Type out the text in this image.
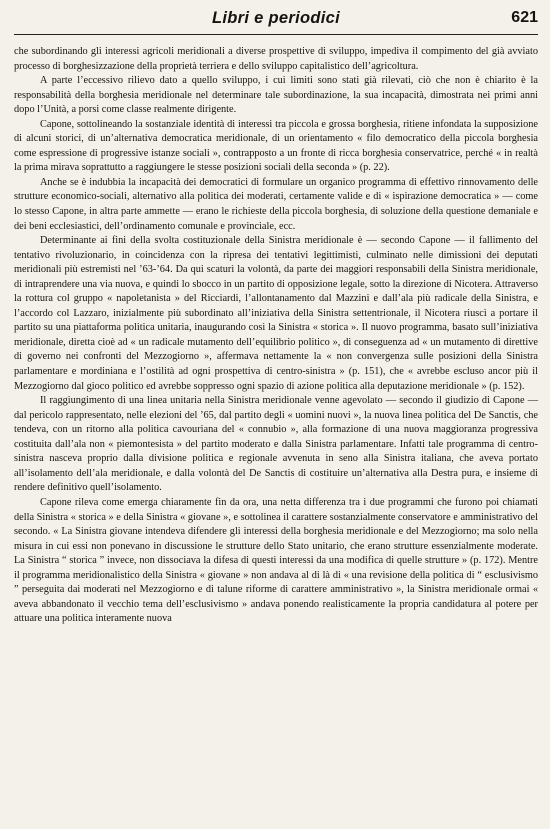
Libri e periodici	621

che subordinando gli interessi agricoli meridionali a diverse prospettive di sviluppo, impediva il compimento del già avviato processo di borghesizzazione della proprietà terriera e dello sviluppo capitalistico dell’agricoltura.

A parte l’eccessivo rilievo dato a quello sviluppo, i cui limiti sono stati già rilevati, ciò che non è chiarito è la responsabilità della borghesia meridionale nel determinare tale subordinazione, la sua incapacità, dimostrata nei primi anni dopo l’Unità, a porsi come classe realmente dirigente.

Capone, sottolineando la sostanziale identità di interessi tra piccola e grossa borghesia, ritiene infondata la supposizione di alcuni storici, di un’alternativa democratica meridionale, di un orientamento « filo democratico della piccola borghesia come espressione di progressive istanze sociali », contrapposto a un fronte di ricca borghesia conservatrice, perché « in realtà la prima mirava soprattutto a raggiungere le stesse posizioni sociali della seconda » (p. 22).

Anche se è indubbia la incapacità dei democratici di formulare un organico programma di effettivo rinnovamento delle strutture economico-sociali, alternativo alla politica dei moderati, certamente valide e di « ispirazione democratica » — come lo stesso Capone, in altra parte ammette — erano le richieste della piccola borghesia, di soluzione della questione demaniale e dei beni ecclesiastici, dell’ordinamento comunale e provinciale, ecc.

Determinante ai fini della svolta costituzionale della Sinistra meridionale è — secondo Capone — il fallimento del tentativo rivoluzionario, in coincidenza con la ripresa dei tentativi legittimisti, culminato nelle dimissioni dei deputati meridionali più estremisti nel ’63-’64. Da qui scaturì la volontà, da parte dei maggiori responsabili della Sinistra meridionale, di intraprendere una via nuova, e quindi lo sbocco in un partito di opposizione legale, sotto la direzione di Nicotera. Attraverso la rottura col gruppo « napoletanista » del Ricciardi, l’allontanamento dal Mazzini e dall’ala più radicale della Sinistra, e l’accordo col Lazzaro, inizialmente più subordinato all’iniziativa della Sinistra settentrionale, il Nicotera riuscì a portare il partito su una piattaforma politica unitaria, inaugurando così la Sinistra « storica ». Il nuovo programma, basato sull’iniziativa meridionale, diretta cioè ad « un radicale mutamento dell’equilibrio politico », di conseguenza ad « un mutamento di direttive di governo nei confronti del Mezzogiorno », affermava nettamente la « non convergenza sulle posizioni della Sinistra parlamentare e mordiniana e l’ostilità ad ogni prospettiva di centro-sinistra » (p. 151), che « avrebbe escluso ancor più il Mezzogiorno dal gioco politico ed avrebbe soppresso ogni spazio di azione politica alla deputazione meridionale » (p. 152).

Il raggiungimento di una linea unitaria nella Sinistra meridionale venne agevolato — secondo il giudizio di Capone — dal pericolo rappresentato, nelle elezioni del ’65, dal partito degli « uomini nuovi », la nuova linea politica del De Sanctis, che tendeva, con un ritorno alla politica cavouriana del « connubio », alla formazione di una nuova maggioranza progressiva costituita dall’ala non « piemontesista » del partito moderato e dalla Sinistra parlamentare. Infatti tale programma di centro-sinistra nasceva proprio dalla divisione politica e regionale avvenuta in seno alla Sinistra italiana, che aveva portato all’isolamento dell’ala meridionale, e dalla volontà del De Sanctis di costituire un’alternativa alla Destra pura, e insieme di rendere definitivo quell’isolamento.

Capone rileva come emerga chiaramente fin da ora, una netta differenza tra i due programmi che furono poi chiamati della Sinistra « storica » e della Sinistra « giovane », e sottolinea il carattere sostanzialmente conservatore e amministrativo del secondo. « La Sinistra giovane intendeva difendere gli interessi della borghesia meridionale e del Mezzogiorno; ma solo nella misura in cui essi non ponevano in discussione le strutture dello Stato unitario, che erano strutture essenzialmente moderate. La Sinistra “ storica ” invece, non dissociava la difesa di questi interessi da una modifica di quelle strutture » (p. 172). Mentre il programma meridionalistico della Sinistra « giovane » non andava al di là di « una revisione della politica di “ esclusivismo ” perseguita dai moderati nel Mezzogiorno e di talune riforme di carattere amministrativo », la Sinistra meridionale ormai « aveva abbandonato il vecchio tema dell’esclusivismo » andava ponendo realisticamente la propria candidatura al potere per attuare una politica interamente nuova
